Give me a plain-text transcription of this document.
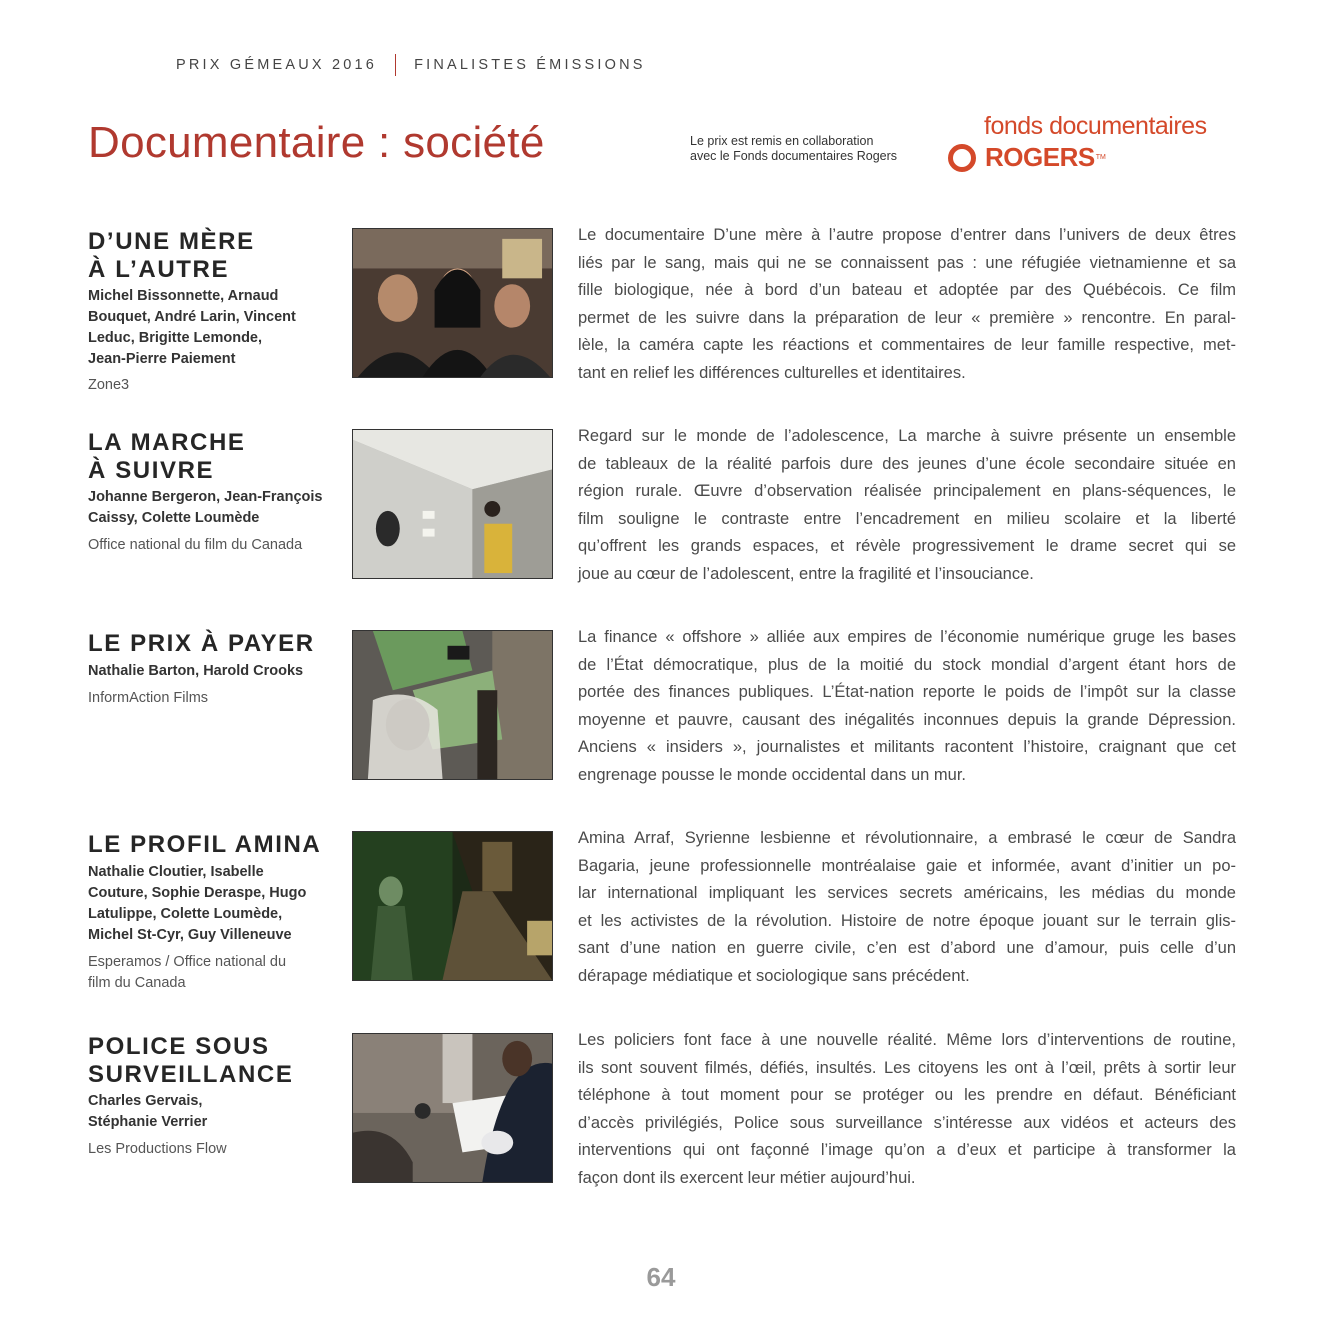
PRIX GÉMEAUX 2016	FINALISTES ÉMISSIONS
Documentaire : société	Le prix est remis en collaboration
avec le Fonds documentaires Rogers
fonds documentaires
ROGERS TM
D’UNE MÈRE
À L’AUTRE
Michel Bissonnette, Arnaud
Bouquet, André Larin, Vincent
Leduc, Brigitte Lemonde,
Jean-Pierre Paiement
Zone3
Le documentaire D’une mère à l’autre propose d’entrer dans l’univers de deux êtres
liés par le sang, mais qui ne se connaissent pas : une réfugiée vietnamienne et sa
fille biologique, née à bord d’un bateau et adoptée par des Québécois. Ce film
permet de les suivre dans la préparation de leur « première » rencontre. En paral-
lèle, la caméra capte les réactions et commentaires de leur famille respective, met-
tant en relief les différences culturelles et identitaires.
LA MARCHE
À SUIVRE
Johanne Bergeron, Jean-François
Caissy, Colette Loumède
Office national du film du Canada
Regard sur le monde de l’adolescence, La marche à suivre présente un ensemble
de tableaux de la réalité parfois dure des jeunes d’une école secondaire située en
région rurale. Œuvre d’observation réalisée principalement en plans-séquences, le
film souligne le contraste entre l’encadrement en milieu scolaire et la liberté
qu’offrent les grands espaces, et révèle progressivement le drame secret qui se
joue au cœur de l’adolescent, entre la fragilité et l’insouciance.
LE PRIX À PAYER
Nathalie Barton, Harold Crooks
InformAction Films
La finance « offshore » alliée aux empires de l’économie numérique gruge les bases
de l’État démocratique, plus de la moitié du stock mondial d’argent étant hors de
portée des finances publiques. L’État-nation reporte le poids de l’impôt sur la classe
moyenne et pauvre, causant des inégalités inconnues depuis la grande Dépression.
Anciens « insiders », journalistes et militants racontent l’histoire, craignant que cet
engrenage pousse le monde occidental dans un mur.
LE PROFIL AMINA
Nathalie Cloutier, Isabelle
Couture, Sophie Deraspe, Hugo
Latulippe, Colette Loumède,
Michel St-Cyr, Guy Villeneuve
Esperamos / Office national du
film du Canada
Amina Arraf, Syrienne lesbienne et révolutionnaire, a embrasé le cœur de Sandra
Bagaria, jeune professionnelle montréalaise gaie et informée, avant d’initier un po-
lar international impliquant les services secrets américains, les médias du monde
et les activistes de la révolution. Histoire de notre époque jouant sur le terrain glis-
sant d’une nation en guerre civile, c’en est d’abord une d’amour, puis celle d’un
dérapage médiatique et sociologique sans précédent.
POLICE SOUS
SURVEILLANCE
Charles Gervais,
Stéphanie Verrier
Les Productions Flow
Les policiers font face à une nouvelle réalité. Même lors d’interventions de routine,
ils sont souvent filmés, défiés, insultés. Les citoyens les ont à l’œil, prêts à sortir leur
téléphone à tout moment pour se protéger ou les prendre en défaut. Bénéficiant
d’accès privilégiés, Police sous surveillance s’intéresse aux vidéos et acteurs des
interventions qui ont façonné l’image qu’on a d’eux et participe à transformer la
façon dont ils exercent leur métier aujourd’hui.
64
